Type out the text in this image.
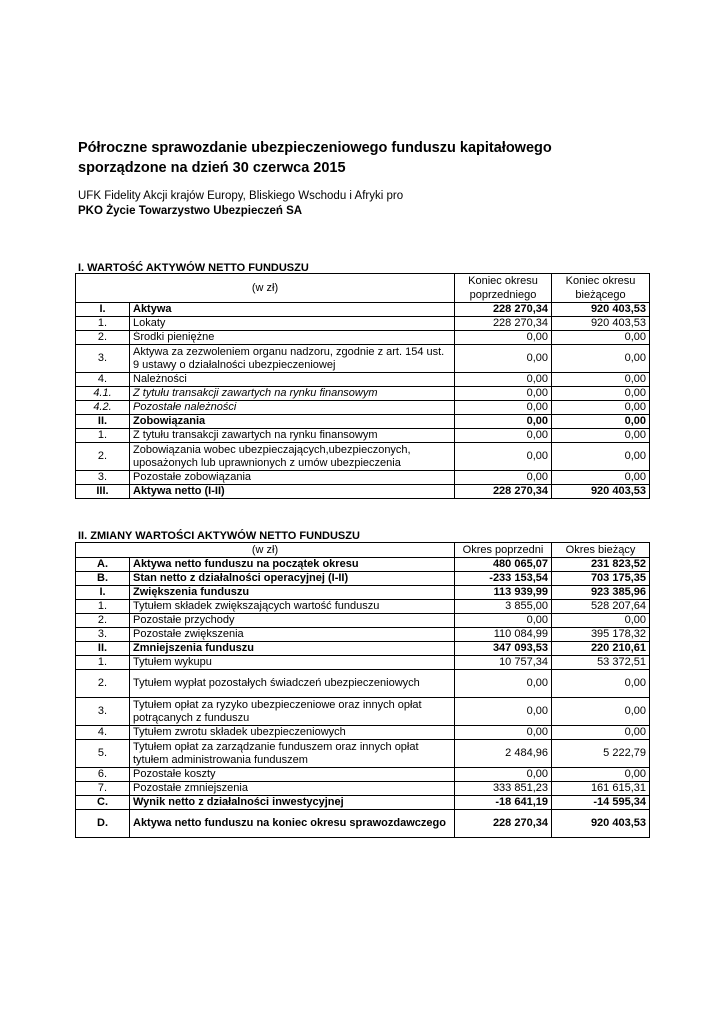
Półroczne sprawozdanie ubezpieczeniowego funduszu kapitałowego
sporządzone na dzień 30 czerwca 2015
UFK Fidelity Akcji krajów Europy, Bliskiego Wschodu i Afryki pro
PKO Życie Towarzystwo Ubezpieczeń SA
I. WARTOŚĆ AKTYWÓW NETTO FUNDUSZU
(w zł)		Koniec okresu poprzedniego	Koniec okresu bieżącego
I.	Aktywa	228 270,34	920 403,53
1.	Lokaty	228 270,34	920 403,53
2.	Środki pieniężne	0,00	0,00
3.	Aktywa za zezwoleniem organu nadzoru, zgodnie z art. 154 ust. 9 ustawy o działalności ubezpieczeniowej	0,00	0,00
4.	Należności	0,00	0,00
4.1.	Z tytułu transakcji zawartych na rynku finansowym	0,00	0,00
4.2.	Pozostałe należności	0,00	0,00
II.	Zobowiązania	0,00	0,00
1.	Z tytułu transakcji zawartych na rynku finansowym	0,00	0,00
2.	Zobowiązania wobec ubezpieczających,ubezpieczonych, uposażonych lub uprawnionych z umów ubezpieczenia	0,00	0,00
3.	Pozostałe zobowiązania	0,00	0,00
III.	Aktywa netto (I-II)	228 270,34	920 403,53
II. ZMIANY WARTOŚCI AKTYWÓW NETTO FUNDUSZU
(w zł)		Okres poprzedni	Okres bieżący
A.	Aktywa netto funduszu na początek okresu	480 065,07	231 823,52
B.	Stan netto z działalności operacyjnej (I-II)	-233 153,54	703 175,35
I.	Zwiększenia funduszu	113 939,99	923 385,96
1.	Tytułem składek zwiększających wartość funduszu	3 855,00	528 207,64
2.	Pozostałe przychody	0,00	0,00
3.	Pozostałe zwiększenia	110 084,99	395 178,32
II.	Zmniejszenia funduszu	347 093,53	220 210,61
1.	Tytułem wykupu	10 757,34	53 372,51
2.	Tytułem wypłat pozostałych świadczeń ubezpieczeniowych	0,00	0,00
3.	Tytułem opłat za ryzyko ubezpieczeniowe oraz innych opłat potrącanych z funduszu	0,00	0,00
4.	Tytułem zwrotu składek ubezpieczeniowych	0,00	0,00
5.	Tytułem opłat za zarządzanie funduszem oraz innych opłat tytułem administrowania funduszem	2 484,96	5 222,79
6.	Pozostałe koszty	0,00	0,00
7.	Pozostałe zmniejszenia	333 851,23	161 615,31
C.	Wynik netto z działalności inwestycyjnej	-18 641,19	-14 595,34
D.	Aktywa netto funduszu na koniec okresu sprawozdawczego	228 270,34	920 403,53
